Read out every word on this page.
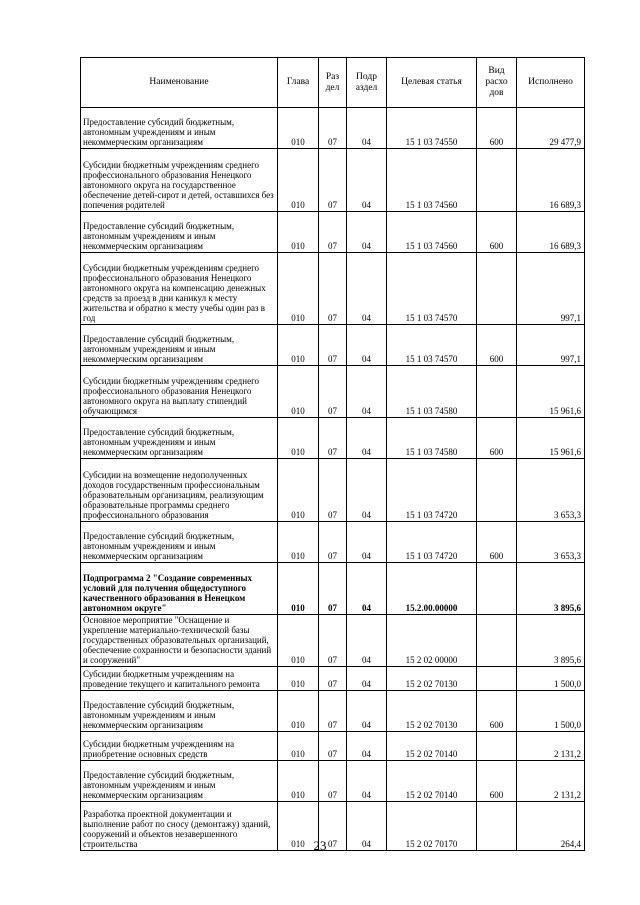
Наименование	Глава	Раз дел	Подр аздел	Целевая статья	Вид расхо дов	Исполнено
Предоставление субсидий бюджетным, автономным учреждениям и иным некоммерческим организациям	010	07	04	15 1 03 74550	600	29 477,9
Субсидии бюджетным учреждениям среднего профессионального образования Ненецкого автономного округа на государственное обеспечение детей-сирот и детей, оставшихся без попечения родителей	010	07	04	15 1 03 74560		16 689,3
Предоставление субсидий бюджетным, автономным учреждениям и иным некоммерческим организациям	010	07	04	15 1 03 74560	600	16 689,3
Субсидии бюджетным учреждениям среднего профессионального образования Ненецкого автономного округа на компенсацию денежных средств за проезд в дни каникул к месту жительства и обратно к месту учебы один раз в год	010	07	04	15 1 03 74570		997,1
Предоставление субсидий бюджетным, автономным учреждениям и иным некоммерческим организациям	010	07	04	15 1 03 74570	600	997,1
Субсидии бюджетным учреждениям среднего профессионального образования Ненецкого автономного округа на выплату стипендий обучающимся	010	07	04	15 1 03 74580		15 961,6
Предоставление субсидий бюджетным, автономным учреждениям и иным некоммерческим организациям	010	07	04	15 1 03 74580	600	15 961,6
Субсидии на возмещение недополученных доходов государственным профессиональным образовательным организациям, реализующим образовательные программы среднего профессионального образования	010	07	04	15 1 03 74720		3 653,3
Предоставление субсидий бюджетным, автономным учреждениям и иным некоммерческим организациям	010	07	04	15 1 03 74720	600	3 653,3
Подпрограмма 2 "Создание современных условий для получения общедоступного качественного образования в Ненецком автономном округе"	010	07	04	15.2.00.00000		3 895,6
Основное мероприятие "Оснащение и укрепление материально-технической базы государственных образовательных организаций, обеспечение сохранности и безопасности зданий и сооружений"	010	07	04	15 2 02 00000		3 895,6
Субсидии бюджетным учреждениям на проведение текущего и капитального ремонта	010	07	04	15 2 02 70130		1 500,0
Предоставление субсидий бюджетным, автономным учреждениям и иным некоммерческим организациям	010	07	04	15 2 02 70130	600	1 500,0
Субсидии бюджетным учреждениям на приобретение основных средств	010	07	04	15 2 02 70140		2 131,2
Предоставление субсидий бюджетным, автономным учреждениям и иным некоммерческим организациям	010	07	04	15 2 02 70140	600	2 131,2
Разработка проектной документации и выполнение работ по сносу (демонтажу) зданий, сооружений и объектов незавершенного строительства	010	07	04	15 2 02 70170		264,4
23
